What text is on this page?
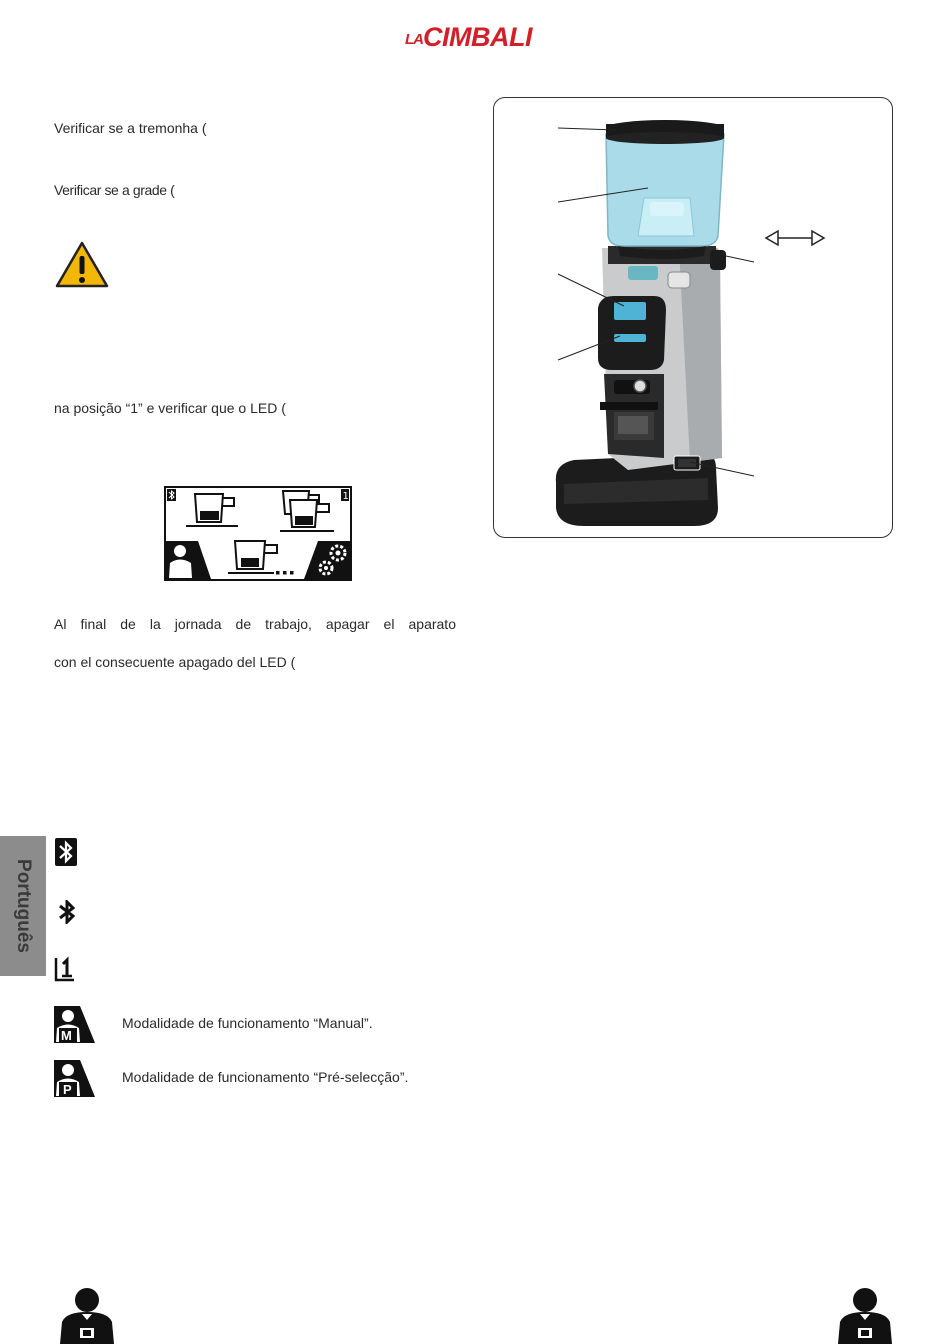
LACIMBALI
Verificar se a tremonha (
Verificar se a grade (
na posição “1” e verificar que o LED (
1
Al final de la jornada de trabajo, apagar el aparato
con el consecuente apagado del LED (
Português
M
Modalidade de funcionamento “Manual”.
P
Modalidade de funcionamento “Pré-selecção”.
